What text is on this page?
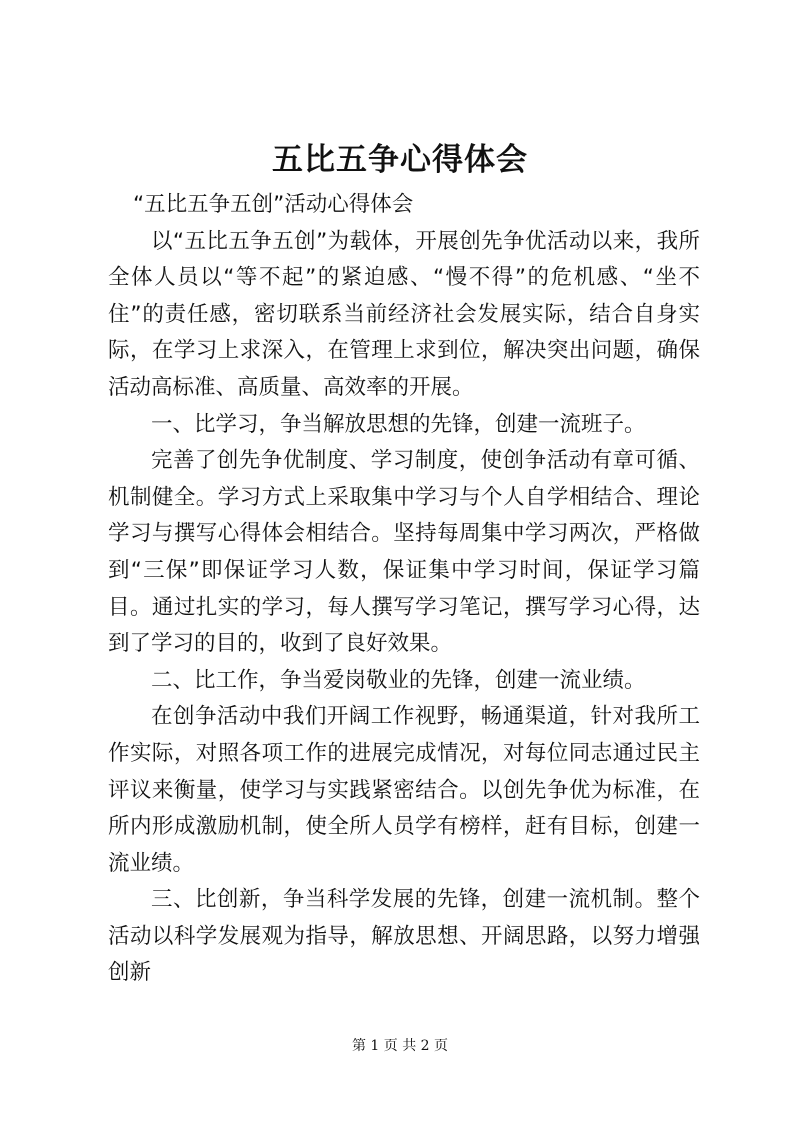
五比五争心得体会

“五比五争五创”活动心得体会

以“五比五争五创”为载体，开展创先争优活动以来，我所全体人员以“等不起”的紧迫感、“慢不得”的危机感、“坐不住”的责任感，密切联系当前经济社会发展实际，结合自身实际，在学习上求深入，在管理上求到位，解决突出问题，确保活动高标准、高质量、高效率的开展。

一、比学习，争当解放思想的先锋，创建一流班子。

完善了创先争优制度、学习制度，使创争活动有章可循、机制健全。学习方式上采取集中学习与个人自学相结合、理论学习与撰写心得体会相结合。坚持每周集中学习两次，严格做到“三保”即保证学习人数，保证集中学习时间，保证学习篇目。通过扎实的学习，每人撰写学习笔记，撰写学习心得，达到了学习的目的，收到了良好效果。

二、比工作，争当爱岗敬业的先锋，创建一流业绩。

在创争活动中我们开阔工作视野，畅通渠道，针对我所工作实际，对照各项工作的进展完成情况，对每位同志通过民主评议来衡量，使学习与实践紧密结合。以创先争优为标准，在所内形成激励机制，使全所人员学有榜样，赶有目标，创建一流业绩。

三、比创新，争当科学发展的先锋，创建一流机制。整个活动以科学发展观为指导，解放思想、开阔思路，以努力增强创新

第 1 页 共 2 页
